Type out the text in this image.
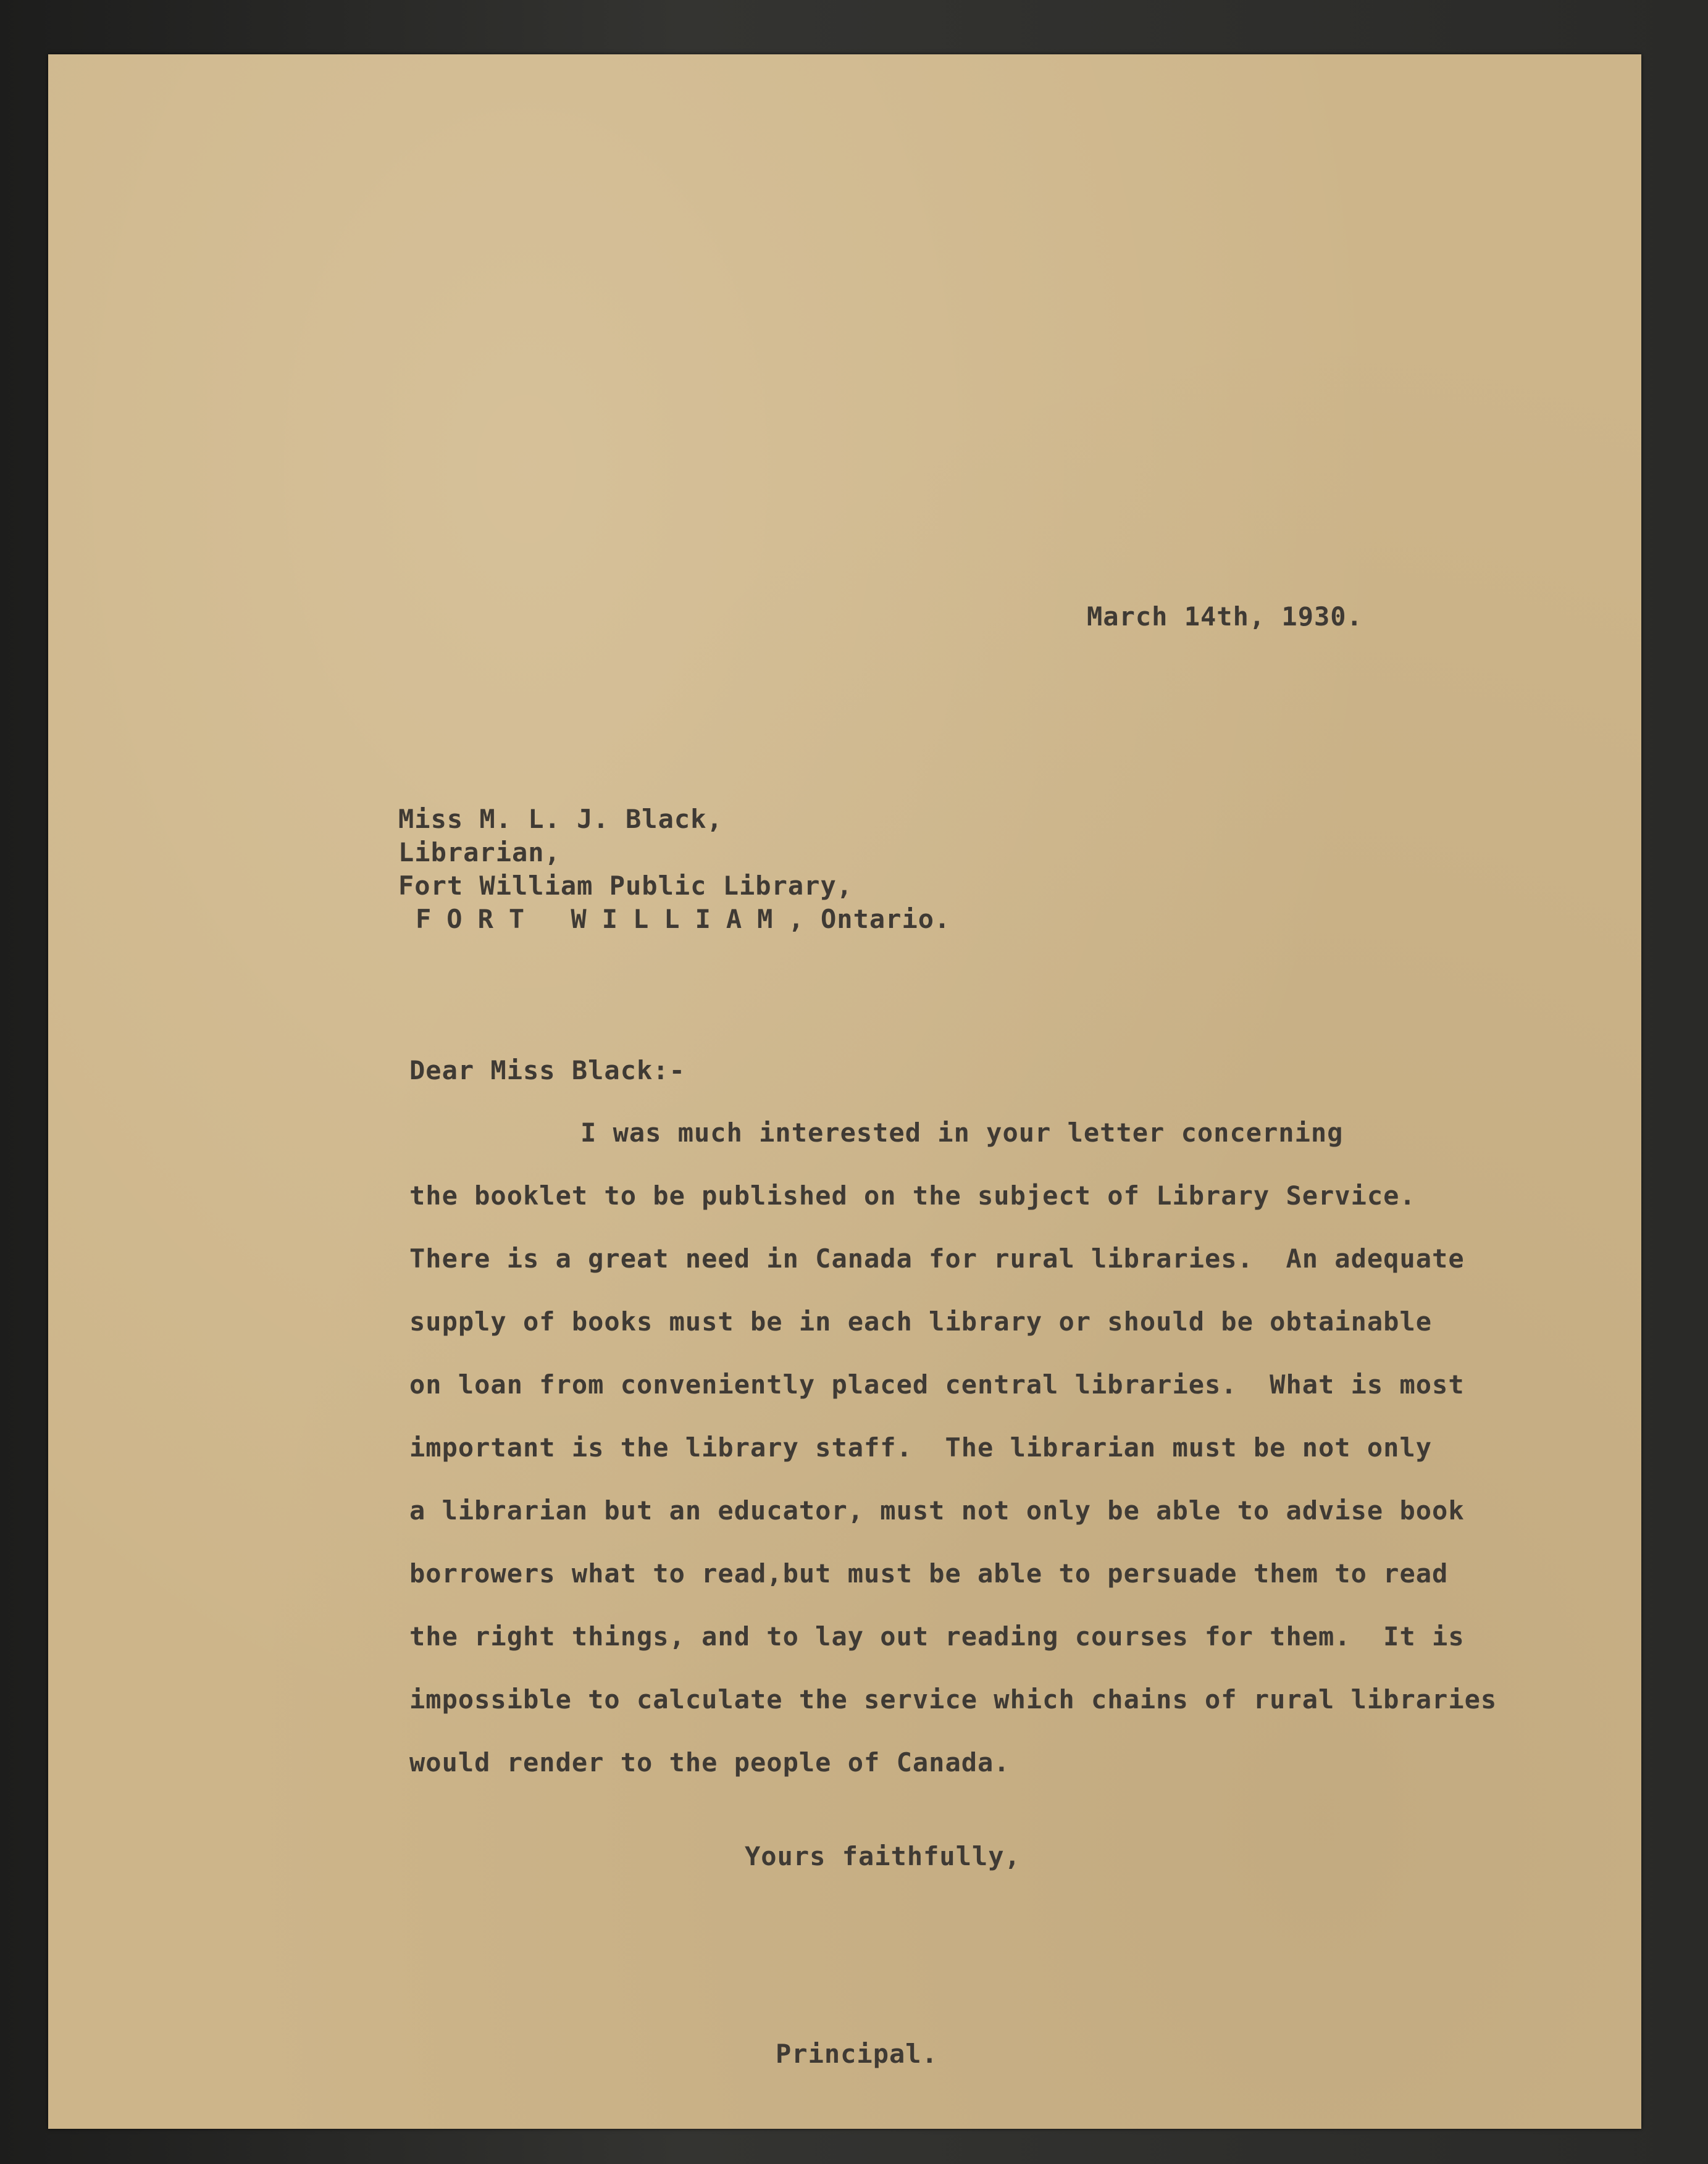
March 14th, 1930.
Miss M. L. J. Black,
Librarian,
Fort William Public Library,
FORT WILLIAM, Ontario.
Dear Miss Black:-
I was much interested in your letter concerning
the booklet to be published on the subject of Library Service.
There is a great need in Canada for rural libraries.  An adequate
supply of books must be in each library or should be obtainable
on loan from conveniently placed central libraries.  What is most
important is the library staff.  The librarian must be not only
a librarian but an educator, must not only be able to advise book
borrowers what to read,but must be able to persuade them to read
the right things, and to lay out reading courses for them.  It is
impossible to calculate the service which chains of rural libraries
would render to the people of Canada.
Yours faithfully,
Principal.
